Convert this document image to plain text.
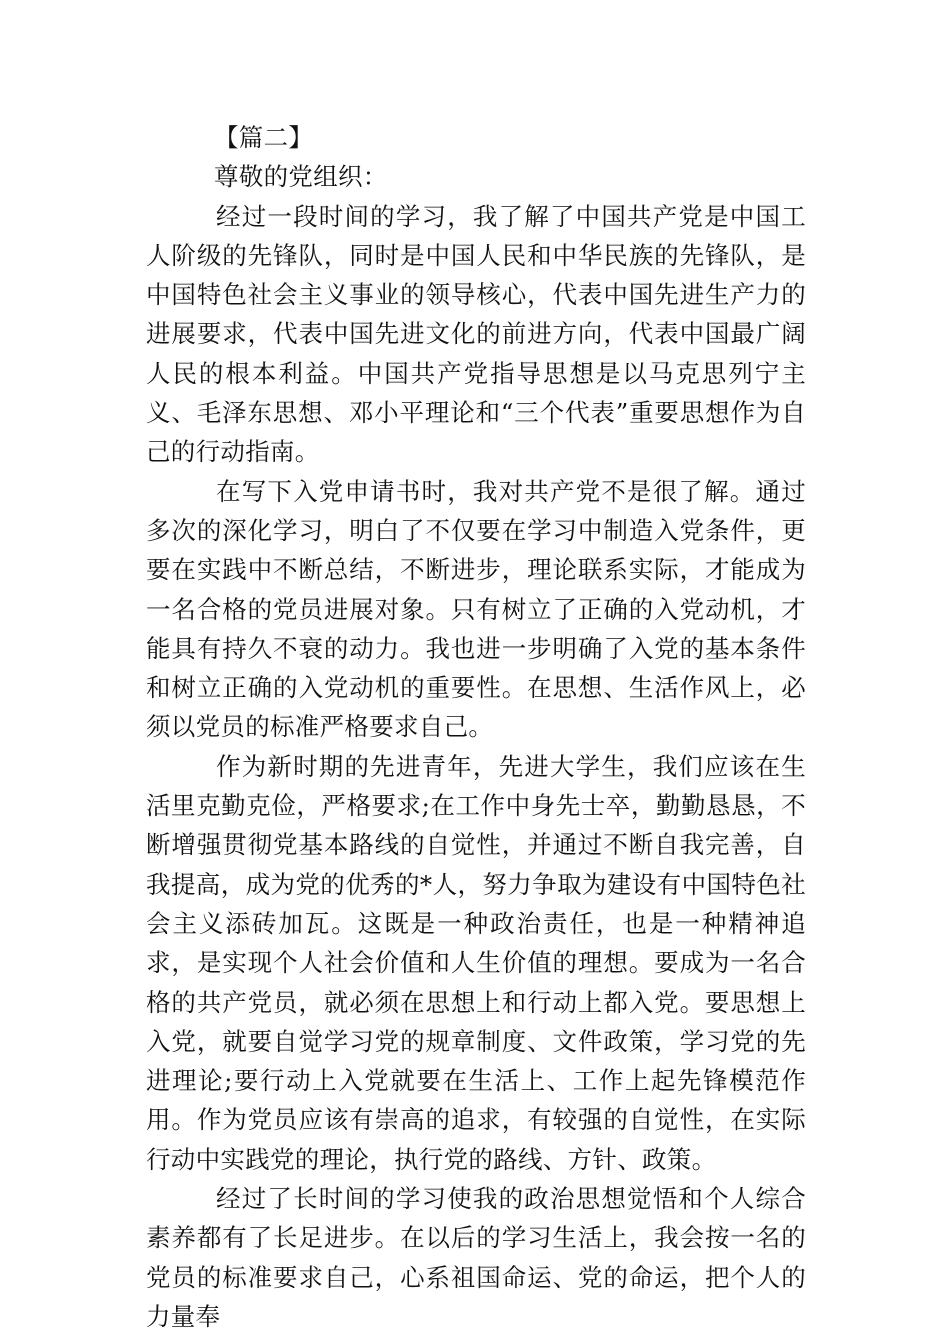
【篇二】

尊敬的党组织：

经过一段时间的学习，我了解了中国共产党是中国工人阶级的先锋队，同时是中国人民和中华民族的先锋队，是中国特色社会主义事业的领导核心，代表中国先进生产力的进展要求，代表中国先进文化的前进方向，代表中国最广阔人民的根本利益。中国共产党指导思想是以马克思列宁主义、毛泽东思想、邓小平理论和“三个代表”重要思想作为自己的行动指南。

在写下入党申请书时，我对共产党不是很了解。通过多次的深化学习，明白了不仅要在学习中制造入党条件，更要在实践中不断总结，不断进步，理论联系实际，才能成为一名合格的党员进展对象。只有树立了正确的入党动机，才能具有持久不衰的动力。我也进一步明确了入党的基本条件和树立正确的入党动机的重要性。在思想、生活作风上，必须以党员的标准严格要求自己。

作为新时期的先进青年，先进大学生，我们应该在生活里克勤克俭，严格要求;在工作中身先士卒，勤勤恳恳，不断增强贯彻党基本路线的自觉性，并通过不断自我完善，自我提高，成为党的优秀的*人，努力争取为建设有中国特色社会主义添砖加瓦。这既是一种政治责任，也是一种精神追求，是实现个人社会价值和人生价值的理想。要成为一名合格的共产党员，就必须在思想上和行动上都入党。要思想上入党，就要自觉学习党的规章制度、文件政策，学习党的先进理论;要行动上入党就要在生活上、工作上起先锋模范作用。作为党员应该有崇高的追求，有较强的自觉性，在实际行动中实践党的理论，执行党的路线、方针、政策。

经过了长时间的学习使我的政治思想觉悟和个人综合素养都有了长足进步。在以后的学习生活上，我会按一名的党员的标准要求自己，心系祖国命运、党的命运，把个人的力量奉
